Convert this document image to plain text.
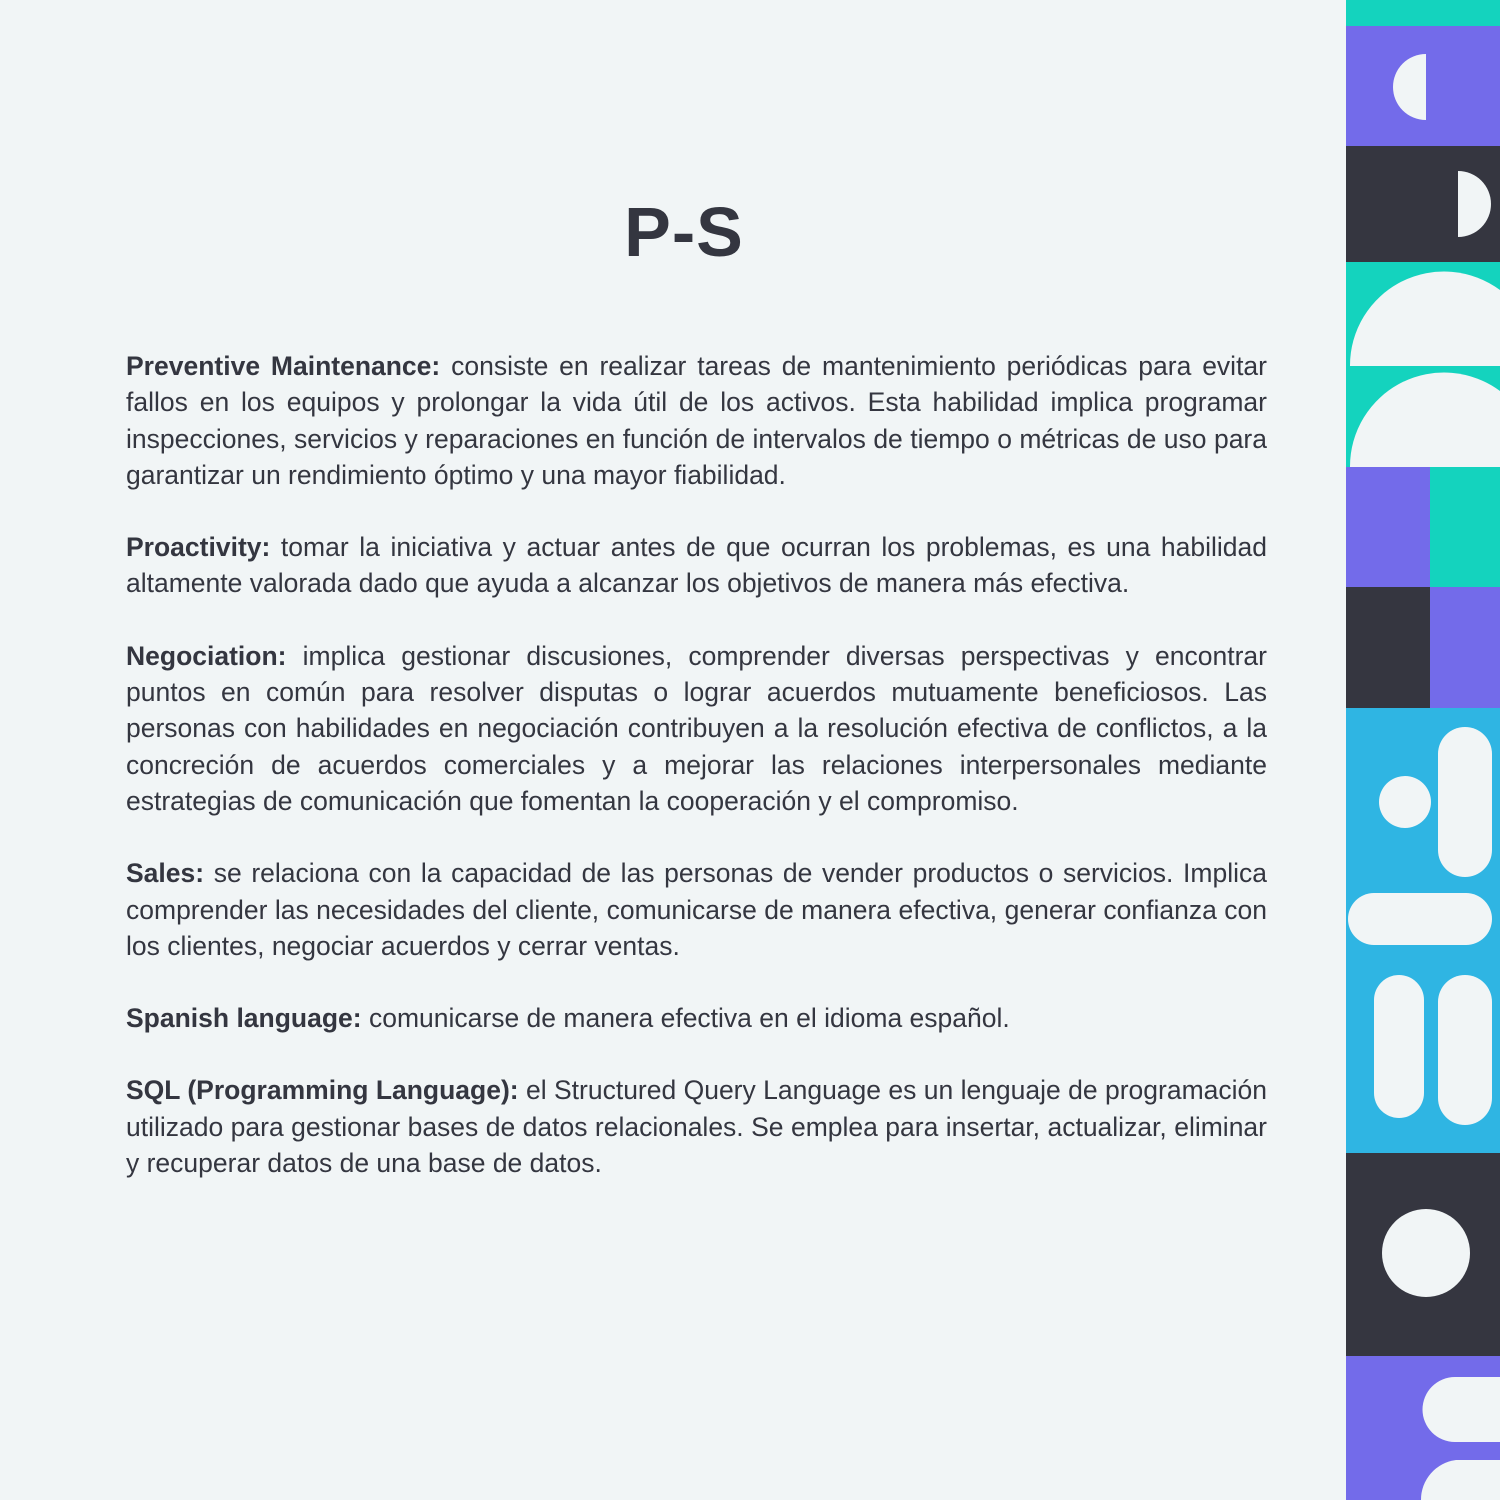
P-S

Preventive Maintenance: consiste en realizar tareas de mantenimiento periódicas para evitar fallos en los equipos y prolongar la vida útil de los activos. Esta habilidad implica programar inspecciones, servicios y reparaciones en función de intervalos de tiempo o métricas de uso para garantizar un rendimiento óptimo y una mayor fiabilidad.

Proactivity: tomar la iniciativa y actuar antes de que ocurran los problemas, es una habilidad altamente valorada dado que ayuda a alcanzar los objetivos de manera más efectiva.

Negociation: implica gestionar discusiones, comprender diversas perspectivas y encontrar puntos en común para resolver disputas o lograr acuerdos mutuamente beneficiosos. Las personas con habilidades en negociación contribuyen a la resolución efectiva de conflictos, a la concreción de acuerdos comerciales y a mejorar las relaciones interpersonales mediante estrategias de comunicación que fomentan la cooperación y el compromiso.

Sales: se relaciona con la capacidad de las personas de vender productos o servicios. Implica comprender las necesidades del cliente, comunicarse de manera efectiva, generar confianza con los clientes, negociar acuerdos y cerrar ventas.

Spanish language: comunicarse de manera efectiva en el idioma español.

SQL (Programming Language): el Structured Query Language es un lenguaje de programación utilizado para gestionar bases de datos relacionales. Se emplea para insertar, actualizar, eliminar y recuperar datos de una base de datos.
